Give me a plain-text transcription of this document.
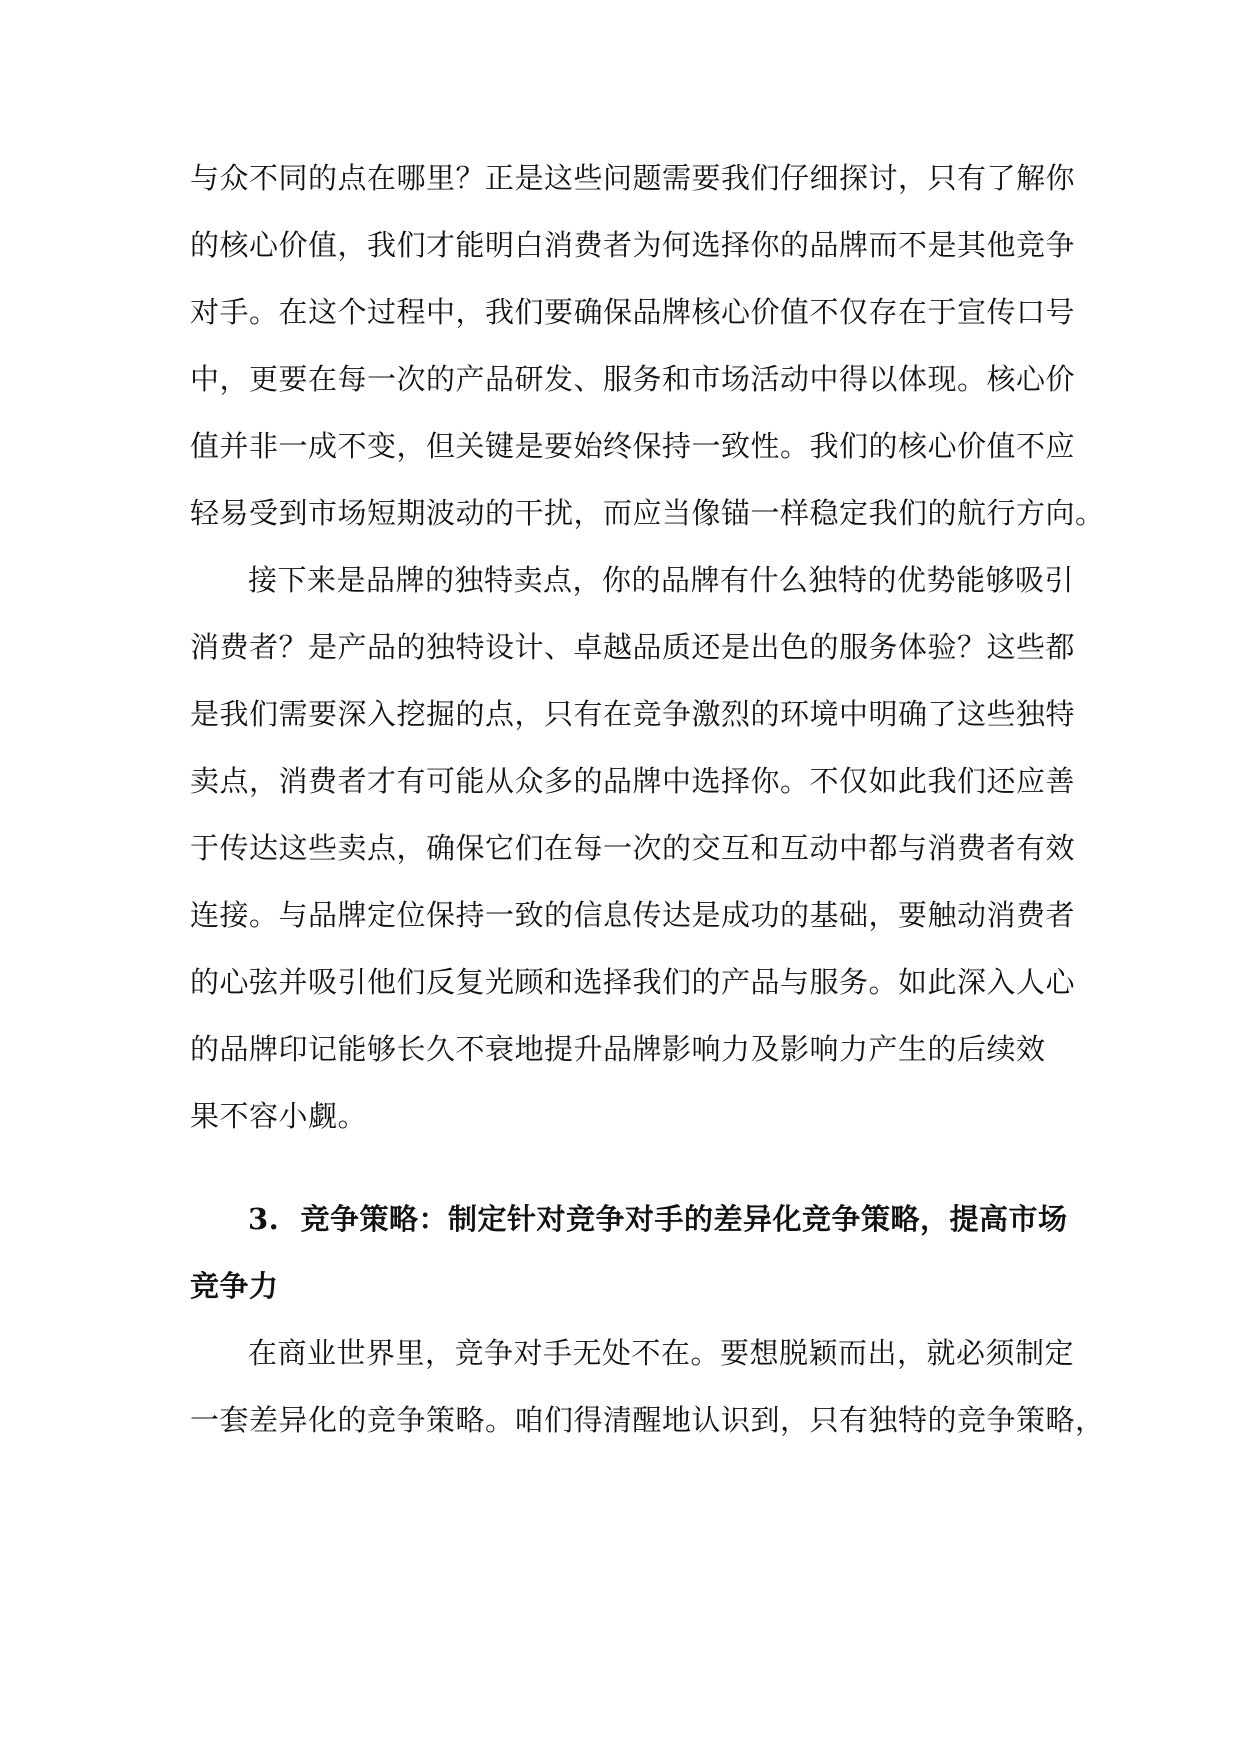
与众不同的点在哪里？正是这些问题需要我们仔细探讨，只有了解你
的核心价值，我们才能明白消费者为何选择你的品牌而不是其他竞争
对手。在这个过程中，我们要确保品牌核心价值不仅存在于宣传口号
中，更要在每一次的产品研发、服务和市场活动中得以体现。核心价
值并非一成不变，但关键是要始终保持一致性。我们的核心价值不应
轻易受到市场短期波动的干扰，而应当像锚一样稳定我们的航行方向。
接下来是品牌的独特卖点，你的品牌有什么独特的优势能够吸引
消费者？是产品的独特设计、卓越品质还是出色的服务体验？这些都
是我们需要深入挖掘的点，只有在竞争激烈的环境中明确了这些独特
卖点，消费者才有可能从众多的品牌中选择你。不仅如此我们还应善
于传达这些卖点，确保它们在每一次的交互和互动中都与消费者有效
连接。与品牌定位保持一致的信息传达是成功的基础，要触动消费者
的心弦并吸引他们反复光顾和选择我们的产品与服务。如此深入人心
的品牌印记能够长久不衰地提升品牌影响力及影响力产生的后续效
果不容小觑。
3. 竞争策略：制定针对竞争对手的差异化竞争策略，提高市场
竞争力
在商业世界里，竞争对手无处不在。要想脱颖而出，就必须制定
一套差异化的竞争策略。咱们得清醒地认识到，只有独特的竞争策略，
